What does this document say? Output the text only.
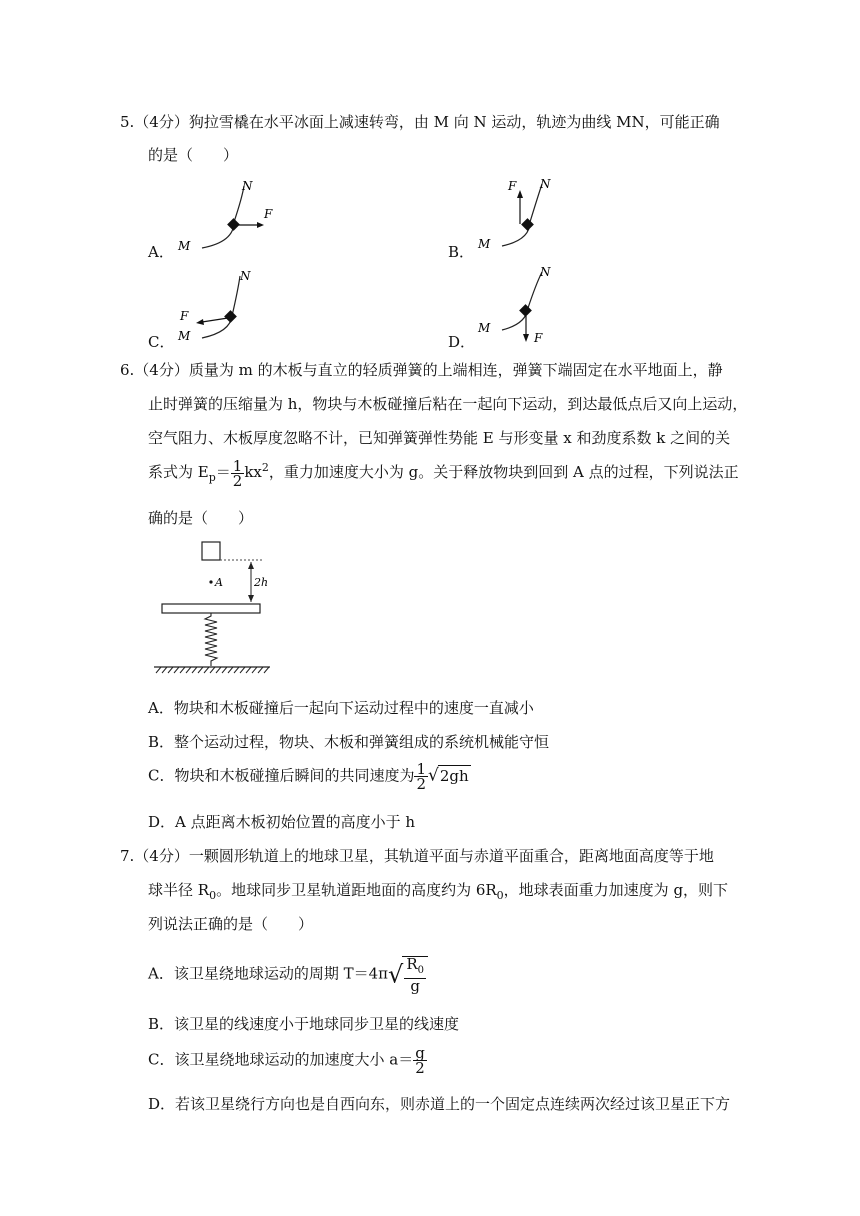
5.（4分）狗拉雪橇在水平冰面上减速转弯，由 M 向 N 运动，轨迹为曲线 MN，可能正确
的是（　　）
A． M
N
F
B． M
N
F
C． M
N
F
D．
M
N
F
6.（4分）质量为 m 的木板与直立的轻质弹簧的上端相连，弹簧下端固定在水平地面上，静
止时弹簧的压缩量为 h，物块与木板碰撞后粘在一起向下运动，到达最低点后又向上运动，
空气阻力、木板厚度忽略不计，已知弹簧弹性势能 E 与形变量 x 和劲度系数 k 之间的关
系式为 $E_p= \frac{1}{2} kx^2$，重力加速度大小为 g。关于释放物块到回到 A 点的过程，下列说法正
确的是（　　）
2h
A
A．物块和木板碰撞后一起向下运动过程中的速度一直减小
B．整个运动过程，物块、木板和弹簧组成的系统机械能守恒
C．物块和木板碰撞后瞬间的共同速度为 $\frac{1}{2} √2gh$
D．A 点距离木板初始位置的高度小于 h
7.（4分）一颗圆形轨道上的地球卫星，其轨道平面与赤道平面重合，距离地面高度等于地
球半径 $R_0$。地球同步卫星轨道距地面的高度约为 $6R_0$，地球表面重力加速度为 g，则下
列说法正确的是（　　）
A．该卫星绕地球运动的周期 $T=4\pi√ \frac{R_0}{g}$
B．该卫星的线速度小于地球同步卫星的线速度
C．该卫星绕地球运动的加速度大小 $a= \frac{g}{2}$
D．若该卫星绕行方向也是自西向东，则赤道上的一个固定点连续两次经过该卫星正下方
